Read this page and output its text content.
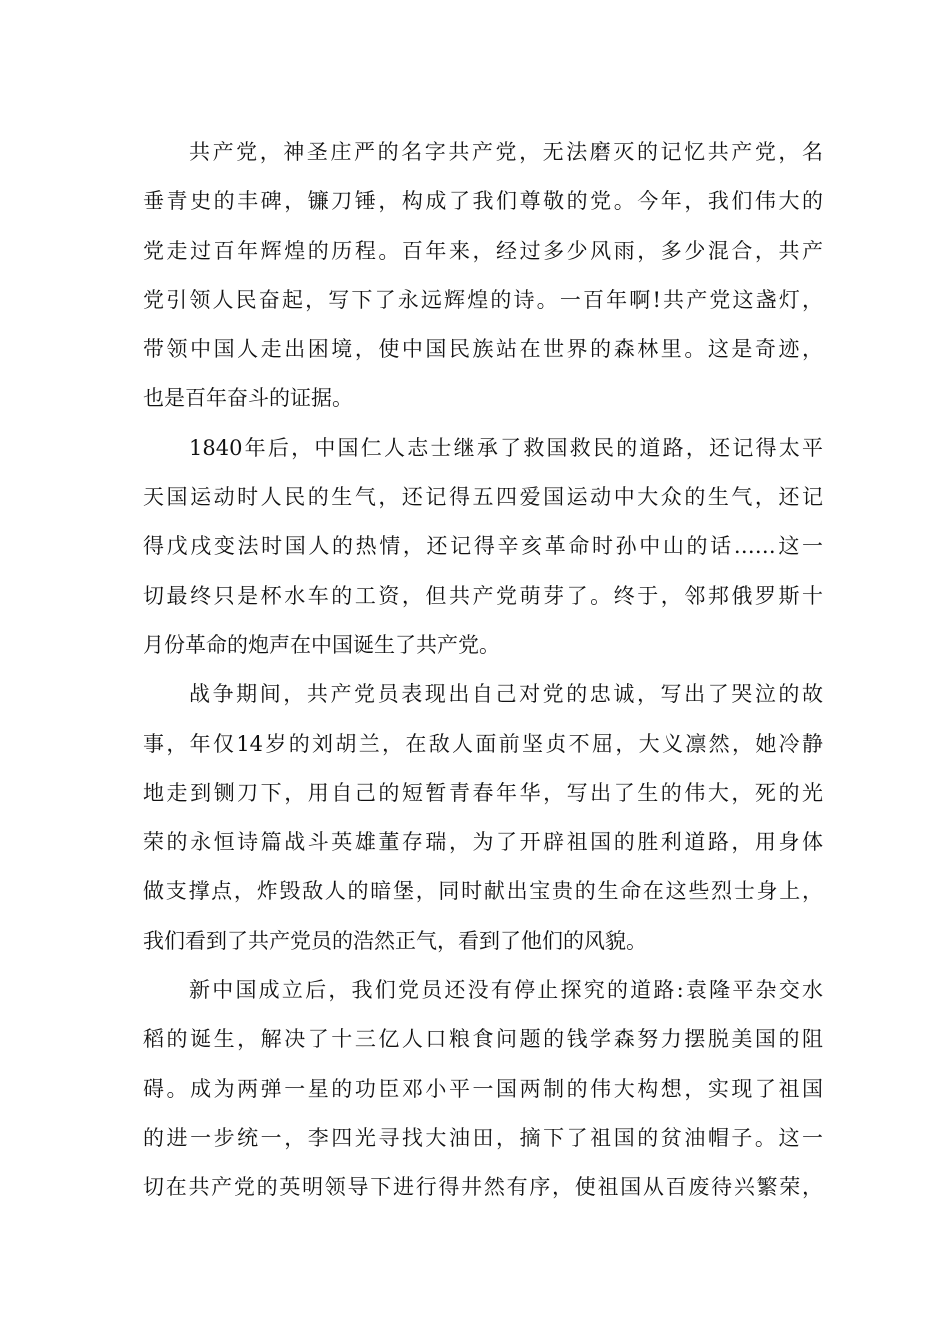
共产党，神圣庄严的名字共产党，无法磨灭的记忆共产党，名
垂青史的丰碑，镰刀锤，构成了我们尊敬的党。今年，我们伟大的
党走过百年辉煌的历程。百年来，经过多少风雨，多少混合，共产
党引领人民奋起，写下了永远辉煌的诗。一百年啊!共产党这盏灯，
带领中国人走出困境，使中国民族站在世界的森林里。这是奇迹，
也是百年奋斗的证据。
1840年后，中国仁人志士继承了救国救民的道路，还记得太平
天国运动时人民的生气，还记得五四爱国运动中大众的生气，还记
得戊戌变法时国人的热情，还记得辛亥革命时孙中山的话……这一
切最终只是杯水车的工资，但共产党萌芽了。终于，邻邦俄罗斯十
月份革命的炮声在中国诞生了共产党。
战争期间，共产党员表现出自己对党的忠诚，写出了哭泣的故
事，年仅14岁的刘胡兰，在敌人面前坚贞不屈，大义凛然，她冷静
地走到铡刀下，用自己的短暂青春年华，写出了生的伟大，死的光
荣的永恒诗篇战斗英雄董存瑞，为了开辟祖国的胜利道路，用身体
做支撑点，炸毁敌人的暗堡，同时献出宝贵的生命在这些烈士身上，
我们看到了共产党员的浩然正气，看到了他们的风貌。
新中国成立后，我们党员还没有停止探究的道路:袁隆平杂交水
稻的诞生，解决了十三亿人口粮食问题的钱学森努力摆脱美国的阻
碍。成为两弹一星的功臣邓小平一国两制的伟大构想，实现了祖国
的进一步统一，李四光寻找大油田，摘下了祖国的贫油帽子。这一
切在共产党的英明领导下进行得井然有序，使祖国从百废待兴繁荣，
